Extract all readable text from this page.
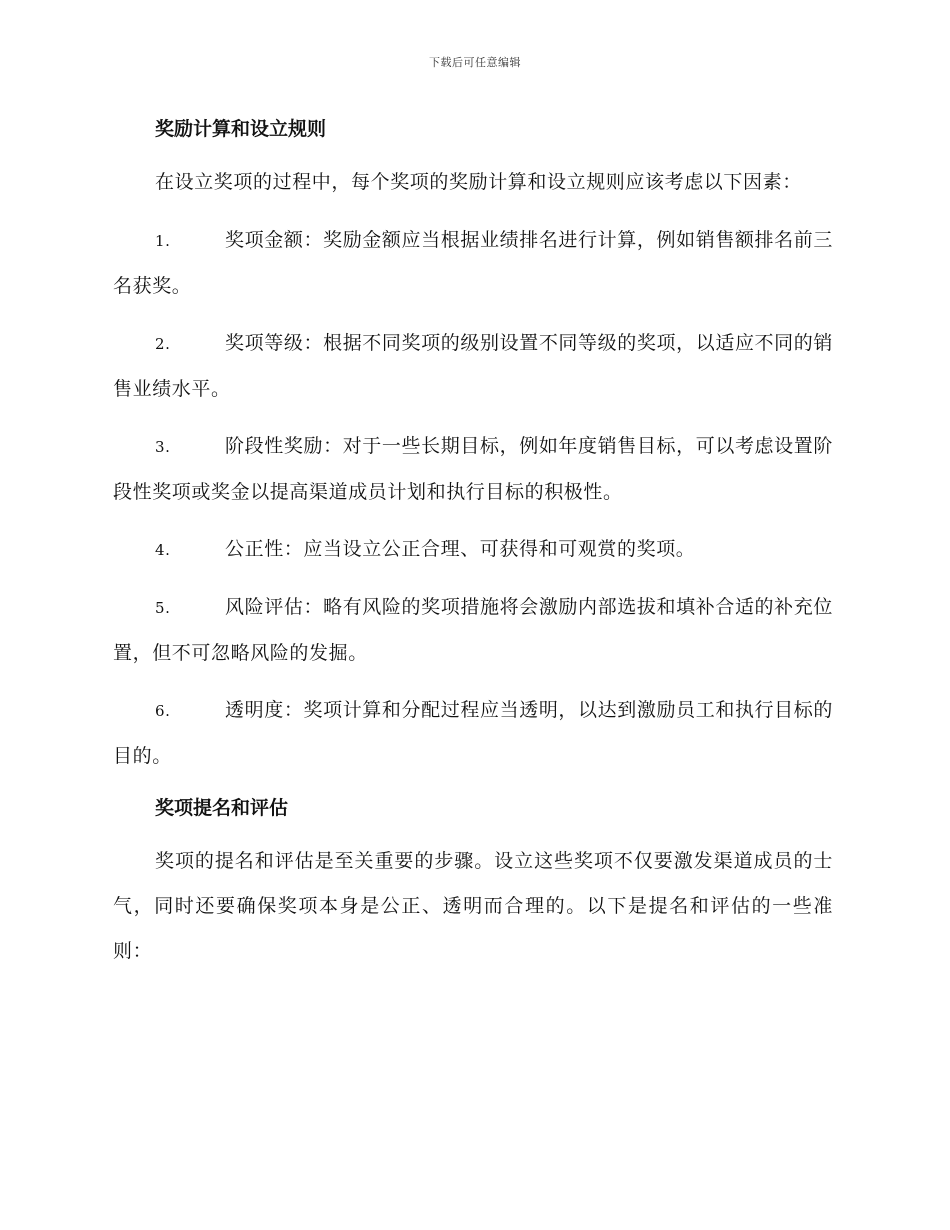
下载后可任意编辑
奖励计算和设立规则

在设立奖项的过程中，每个奖项的奖励计算和设立规则应该考虑以下因素：

1.	奖项金额：奖励金额应当根据业绩排名进行计算，例如销售额排名前三名获奖。

2.	奖项等级：根据不同奖项的级别设置不同等级的奖项，以适应不同的销售业绩水平。

3.	阶段性奖励：对于一些长期目标，例如年度销售目标，可以考虑设置阶段性奖项或奖金以提高渠道成员计划和执行目标的积极性。

4.	公正性：应当设立公正合理、可获得和可观赏的奖项。

5.	风险评估：略有风险的奖项措施将会激励内部选拔和填补合适的补充位置，但不可忽略风险的发掘。

6.	透明度：奖项计算和分配过程应当透明，以达到激励员工和执行目标的目的。

奖项提名和评估

奖项的提名和评估是至关重要的步骤。设立这些奖项不仅要激发渠道成员的士气，同时还要确保奖项本身是公正、透明而合理的。以下是提名和评估的一些准则：
